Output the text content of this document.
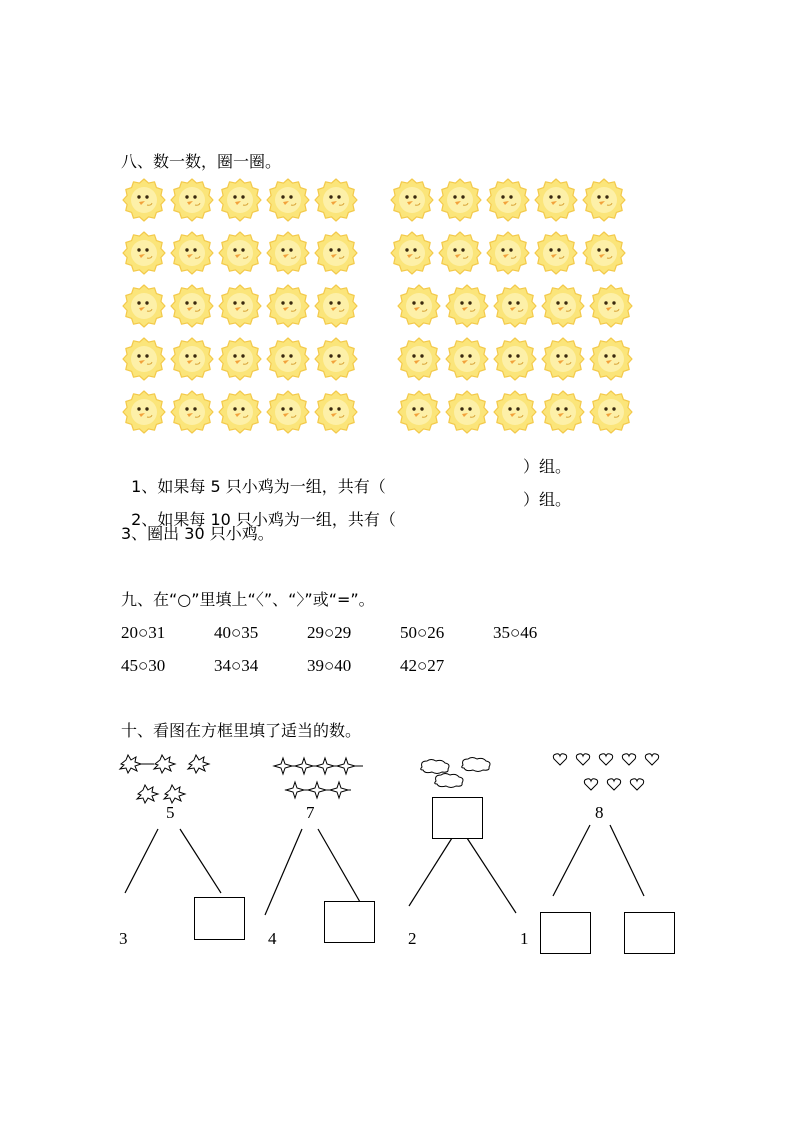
八、数一数，圈一圈。

1、如果每 5 只小鸡为一组，共有（

）组。

2、如果每 10 只小鸡为一组，共有（

）组。
3、圈出 30 只小鸡。
九、在“○”里填上“〈”、“〉”或“=”。
20○31	40○35	29○29	50○26	35○46
45○30	34○34	39○40	42○27
十、看图在方框里填了适当的数。
5
3
7
4	2	1
8
